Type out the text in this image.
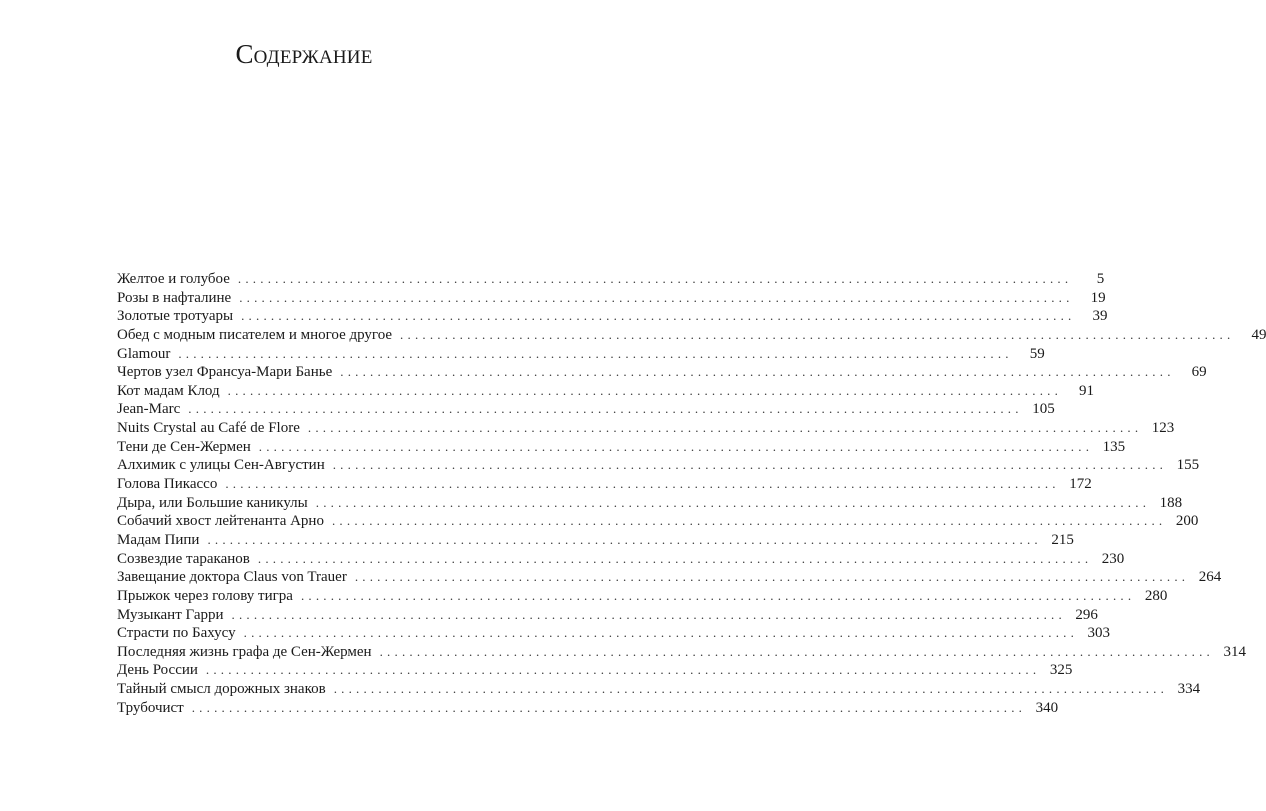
Содержание
Желтое и голубое ................................................................................................................	5
Розы в нафталине ................................................................................................................	19
Золотые тротуары ................................................................................................................	39
Обед с модным писателем и многое другое ................................................................................................................	49
Glamour ................................................................................................................	59
Чертов узел Франсуа-Мари Банье ................................................................................................................	69
Кот мадам Клод ................................................................................................................	91
Jean-Marc ................................................................................................................ 105
Nuits Crystal au Café de Flore ................................................................................................................ 123
Тени де Сен-Жермен ................................................................................................................ 135
Алхимик с улицы Сен-Августин ................................................................................................................ 155
Голова Пикассо ................................................................................................................ 172
Дыра, или Большие каникулы ................................................................................................................ 188
Собачий хвост лейтенанта Арно ................................................................................................................ 200
Мадам Пипи ................................................................................................................ 215
Созвездие тараканов ................................................................................................................ 230
Завещание доктора Claus von Trauer ................................................................................................................ 264
Прыжок через голову тигра ................................................................................................................ 280
Музыкант Гарри ................................................................................................................ 296
Страсти по Бахусу ................................................................................................................ 303
Последняя жизнь графа де Сен-Жермен ................................................................................................................ 314
День России ................................................................................................................ 325
Тайный смысл дорожных знаков ................................................................................................................ 334
Трубочист ................................................................................................................ 340
